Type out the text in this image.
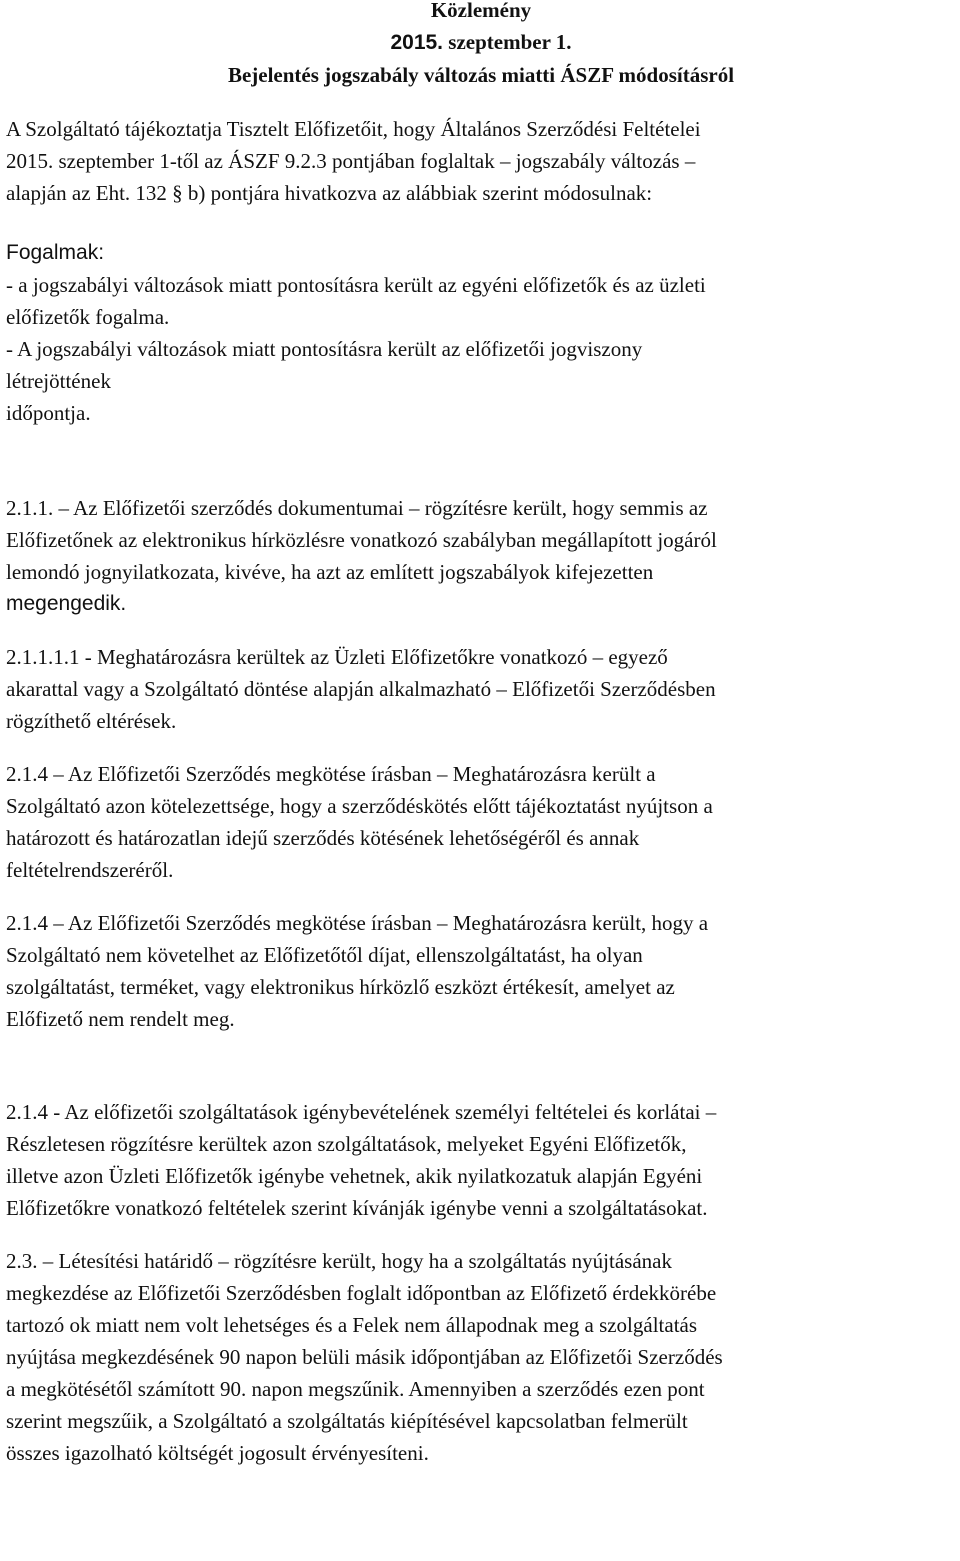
Közlemény
2015. szeptember 1.
Bejelentés jogszabály változás miatti ÁSZF módosításról

A Szolgáltató tájékoztatja Tisztelt Előfizetőit, hogy Általános Szerződési Feltételei
2015. szeptember 1-től az ÁSZF 9.2.3 pontjában foglaltak – jogszabály változás –
alapján az Eht. 132 § b) pontjára hivatkozva az alábbiak szerint módosulnak:

Fogalmak:
- a jogszabályi változások miatt pontosításra került az egyéni előfizetők és az üzleti
előfizetők fogalma.
- A jogszabályi változások miatt pontosításra került az előfizetői jogviszony
létrejöttének
időpontja.

2.1.1. – Az Előfizetői szerződés dokumentumai – rögzítésre került, hogy semmis az
Előfizetőnek az elektronikus hírközlésre vonatkozó szabályban megállapított jogáról
lemondó jognyilatkozata, kivéve, ha azt az említett jogszabályok kifejezetten
megengedik.

2.1.1.1.1 - Meghatározásra kerültek az Üzleti Előfizetőkre vonatkozó – egyező
akarattal vagy a Szolgáltató döntése alapján alkalmazható – Előfizetői Szerződésben
rögzíthető eltérések.

2.1.4 – Az Előfizetői Szerződés megkötése írásban – Meghatározásra került a
Szolgáltató azon kötelezettsége, hogy a szerződéskötés előtt tájékoztatást nyújtson a
határozott és határozatlan idejű szerződés kötésének lehetőségéről és annak
feltételrendszeréről.

2.1.4 – Az Előfizetői Szerződés megkötése írásban – Meghatározásra került, hogy a
Szolgáltató nem követelhet az Előfizetőtől díjat, ellenszolgáltatást, ha olyan
szolgáltatást, terméket, vagy elektronikus hírközlő eszközt értékesít, amelyet az
Előfizető nem rendelt meg.

2.1.4 - Az előfizetői szolgáltatások igénybevételének személyi feltételei és korlátai –
Részletesen rögzítésre kerültek azon szolgáltatások, melyeket Egyéni Előfizetők,
illetve azon Üzleti Előfizetők igénybe vehetnek, akik nyilatkozatuk alapján Egyéni
Előfizetőkre vonatkozó feltételek szerint kívánják igénybe venni a szolgáltatásokat.

2.3. – Létesítési határidő – rögzítésre került, hogy ha a szolgáltatás nyújtásának
megkezdése az Előfizetői Szerződésben foglalt időpontban az Előfizető érdekkörébe
tartozó ok miatt nem volt lehetséges és a Felek nem állapodnak meg a szolgáltatás
nyújtása megkezdésének 90 napon belüli másik időpontjában az Előfizetői Szerződés
a megkötésétől számított 90. napon megszűnik. Amennyiben a szerződés ezen pont
szerint megszűik, a Szolgáltató a szolgáltatás kiépítésével kapcsolatban felmerült
összes igazolható költségét jogosult érvényesíteni.
